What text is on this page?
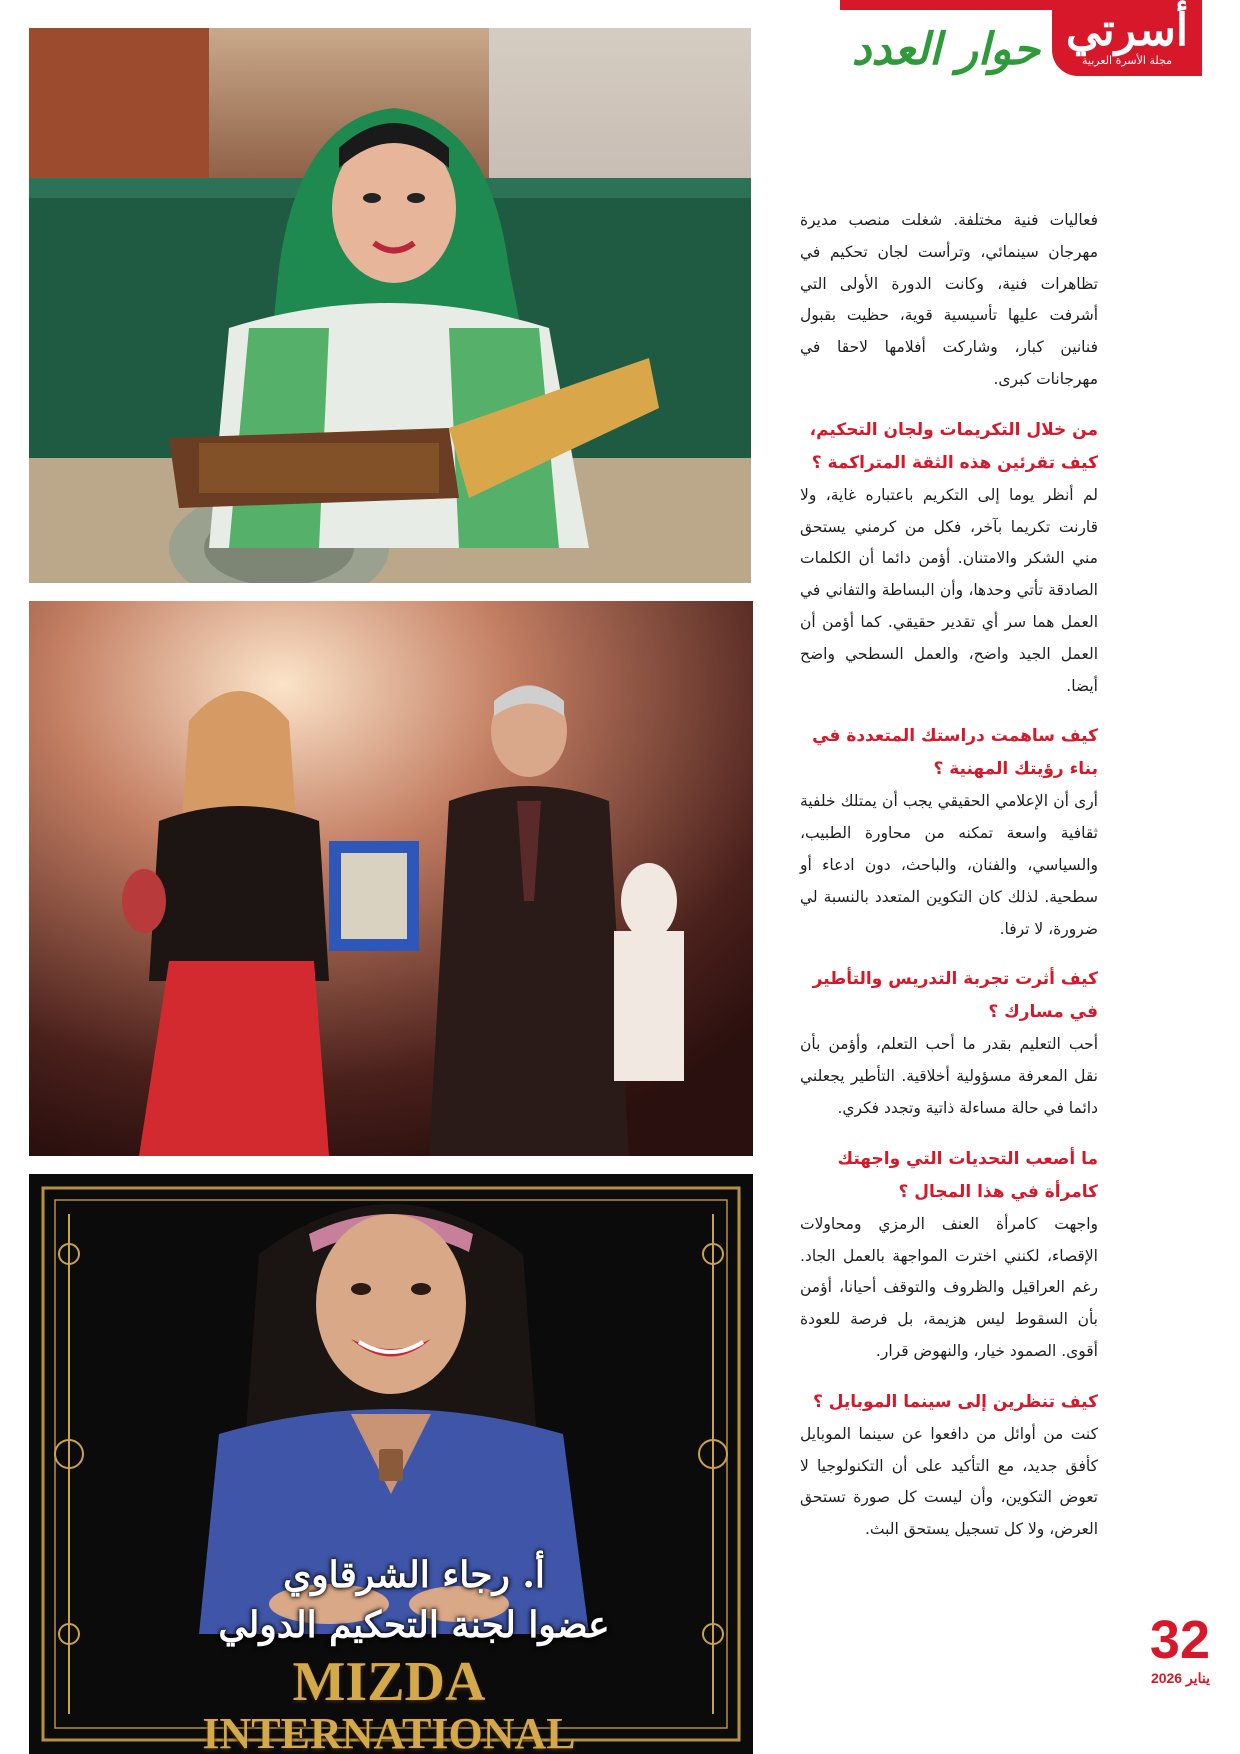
أسرتي
مجلة الأسرة العربية
حوار العدد
أ. رجاء الشرقاوي
عضوا لجنة التحكيم الدولي
MIZDA
INTERNATIONAL

فعاليات فنية مختلفة. شغلت منصب مديرة مهرجان سينمائي، وترأست لجان تحكيم في تظاهرات فنية، وكانت الدورة الأولى التي أشرفت عليها تأسيسية قوية، حظيت بقبول فنانين كبار، وشاركت أفلامها لاحقا في مهرجانات كبرى.

من خلال التكريمات ولجان التحكيم، كيف تقرئين هذه الثقة المتراكمة ؟

لم أنظر يوما إلى التكريم باعتباره غاية، ولا قارنت تكريما بآخر، فكل من كرمني يستحق مني الشكر والامتنان. أؤمن دائما أن الكلمات الصادقة تأتي وحدها، وأن البساطة والتفاني في العمل هما سر أي تقدير حقيقي. كما أؤمن أن العمل الجيد واضح، والعمل السطحي واضح أيضا.

كيف ساهمت دراستك المتعددة في بناء رؤيتك المهنية ؟

أرى أن الإعلامي الحقيقي يجب أن يمتلك خلفية ثقافية واسعة تمكنه من محاورة الطبيب، والسياسي، والفنان، والباحث، دون ادعاء أو سطحية. لذلك كان التكوين المتعدد بالنسبة لي ضرورة، لا ترفا.

كيف أثرت تجربة التدريس والتأطير في مسارك ؟

أحب التعليم بقدر ما أحب التعلم، وأؤمن بأن نقل المعرفة مسؤولية أخلاقية. التأطير يجعلني دائما في حالة مساءلة ذاتية وتجدد فكري.

ما أصعب التحديات التي واجهتك كامرأة في هذا المجال ؟

واجهت كامرأة العنف الرمزي ومحاولات الإقصاء، لكنني اخترت المواجهة بالعمل الجاد. رغم العراقيل والظروف والتوقف أحيانا، أؤمن بأن السقوط ليس هزيمة، بل فرصة للعودة أقوى. الصمود خيار، والنهوض قرار.

كيف تنظرين إلى سينما الموبايل ؟

كنت من أوائل من دافعوا عن سينما الموبايل كأفق جديد، مع التأكيد على أن التكنولوجيا لا تعوض التكوين، وأن ليست كل صورة تستحق العرض، ولا كل تسجيل يستحق البث.

32
يناير 2026
